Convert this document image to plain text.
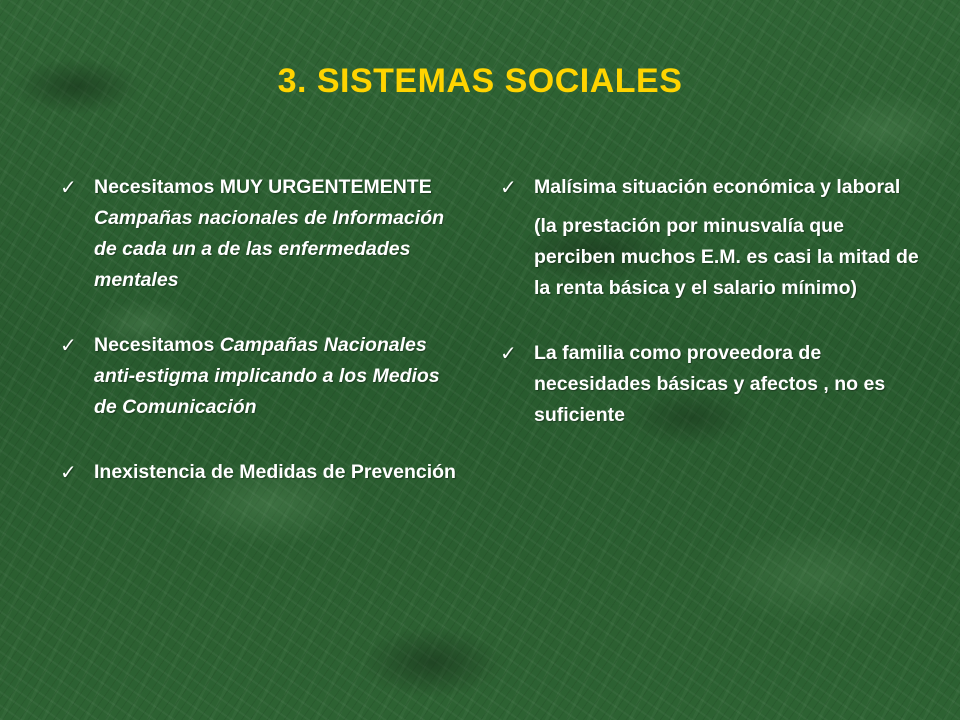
3. SISTEMAS SOCIALES
✓ Necesitamos MUY URGENTEMENTE Campañas nacionales de Información de cada un a de las enfermedades mentales
✓ Necesitamos Campañas Nacionales anti-estigma implicando a los Medios de Comunicación
✓ Inexistencia de Medidas de Prevención
✓ Malísima situación económica y laboral
(la prestación por minusvalía que perciben muchos E.M. es casi la mitad de la renta básica y el salario mínimo)
✓ La familia como proveedora de necesidades básicas y afectos , no es suficiente
